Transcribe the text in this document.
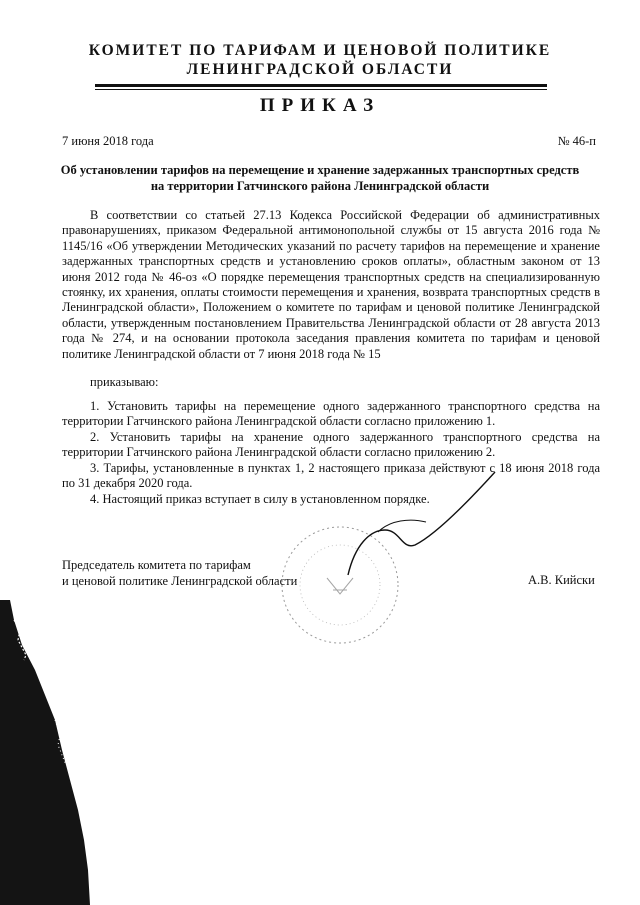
КОМИТЕТ ПО ТАРИФАМ И ЦЕНОВОЙ ПОЛИТИКЕ
ЛЕНИНГРАДСКОЙ ОБЛАСТИ
ПРИКАЗ
7 июня 2018 года	№ 46-п
Об установлении тарифов на перемещение и хранение задержанных транспортных средств
на территории Гатчинского района Ленинградской области
В соответствии со статьей 27.13 Кодекса Российской Федерации об административных правонарушениях, приказом Федеральной антимонопольной службы от 15 августа 2016 года № 1145/16 «Об утверждении Методических указаний по расчету тарифов на перемещение и хранение задержанных транспортных средств и установлению сроков оплаты», областным законом от 13 июня 2012 года № 46-оз «О порядке перемещения транспортных средств на специализированную стоянку, их хранения, оплаты стоимости перемещения и хранения, возврата транспортных средств в Ленинградской области», Положением о комитете по тарифам и ценовой политике Ленинградской области, утвержденным постановлением Правительства Ленинградской области от 28 августа 2013 года № 274, и на основании протокола заседания правления комитета по тарифам и ценовой политике Ленинградской области от 7 июня 2018 года № 15
приказываю:
1. Установить тарифы на перемещение одного задержанного транспортного средства на территории Гатчинского района Ленинградской области согласно приложению 1.
2. Установить тарифы на хранение одного задержанного транспортного средства на территории Гатчинского района Ленинградской области согласно приложению 2.
3. Тарифы, установленные в пунктах 1, 2 настоящего приказа действуют с 18 июня 2018 года по 31 декабря 2020 года.
4. Настоящий приказ вступает в силу в установленном порядке.
Председатель комитета по тарифам
и ценовой политике Ленинградской области	А.В. Кийски
